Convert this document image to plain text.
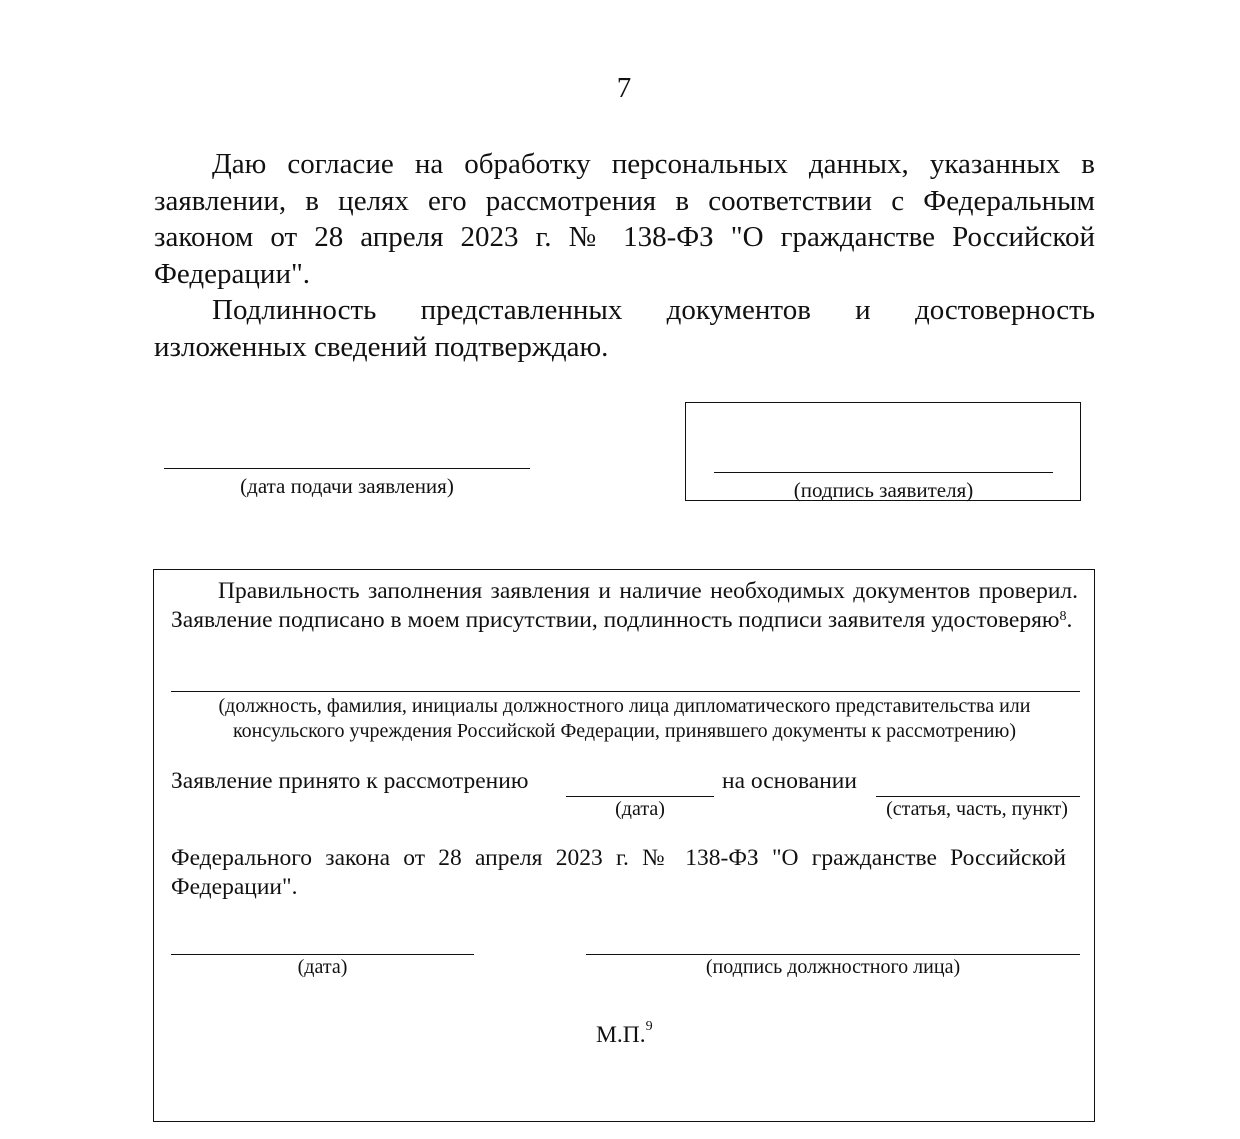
7

Даю согласие на обработку персональных данных, указанных в заявлении, в целях его рассмотрения в соответствии с Федеральным законом от 28 апреля 2023 г. № 138-ФЗ "О гражданстве Российской Федерации".

Подлинность представленных документов и достоверность изложенных сведений подтверждаю.

(дата подачи заявления)	(подпись заявителя)

Правильность заполнения заявления и наличие необходимых документов проверил. Заявление подписано в моем присутствии, подлинность подписи заявителя удостоверяю$^8$.

(должность, фамилия, инициалы должностного лица дипломатического представительства или консульского учреждения Российской Федерации, принявшего документы к рассмотрению)
Заявление принято к рассмотрению
(дата)
на основании
(статья, часть, пункт)

Федерального закона от 28 апреля 2023 г. № 138-ФЗ "О гражданстве Российской Федерации".

(дата)	(подпись должностного лица)
М.П.$^9$
